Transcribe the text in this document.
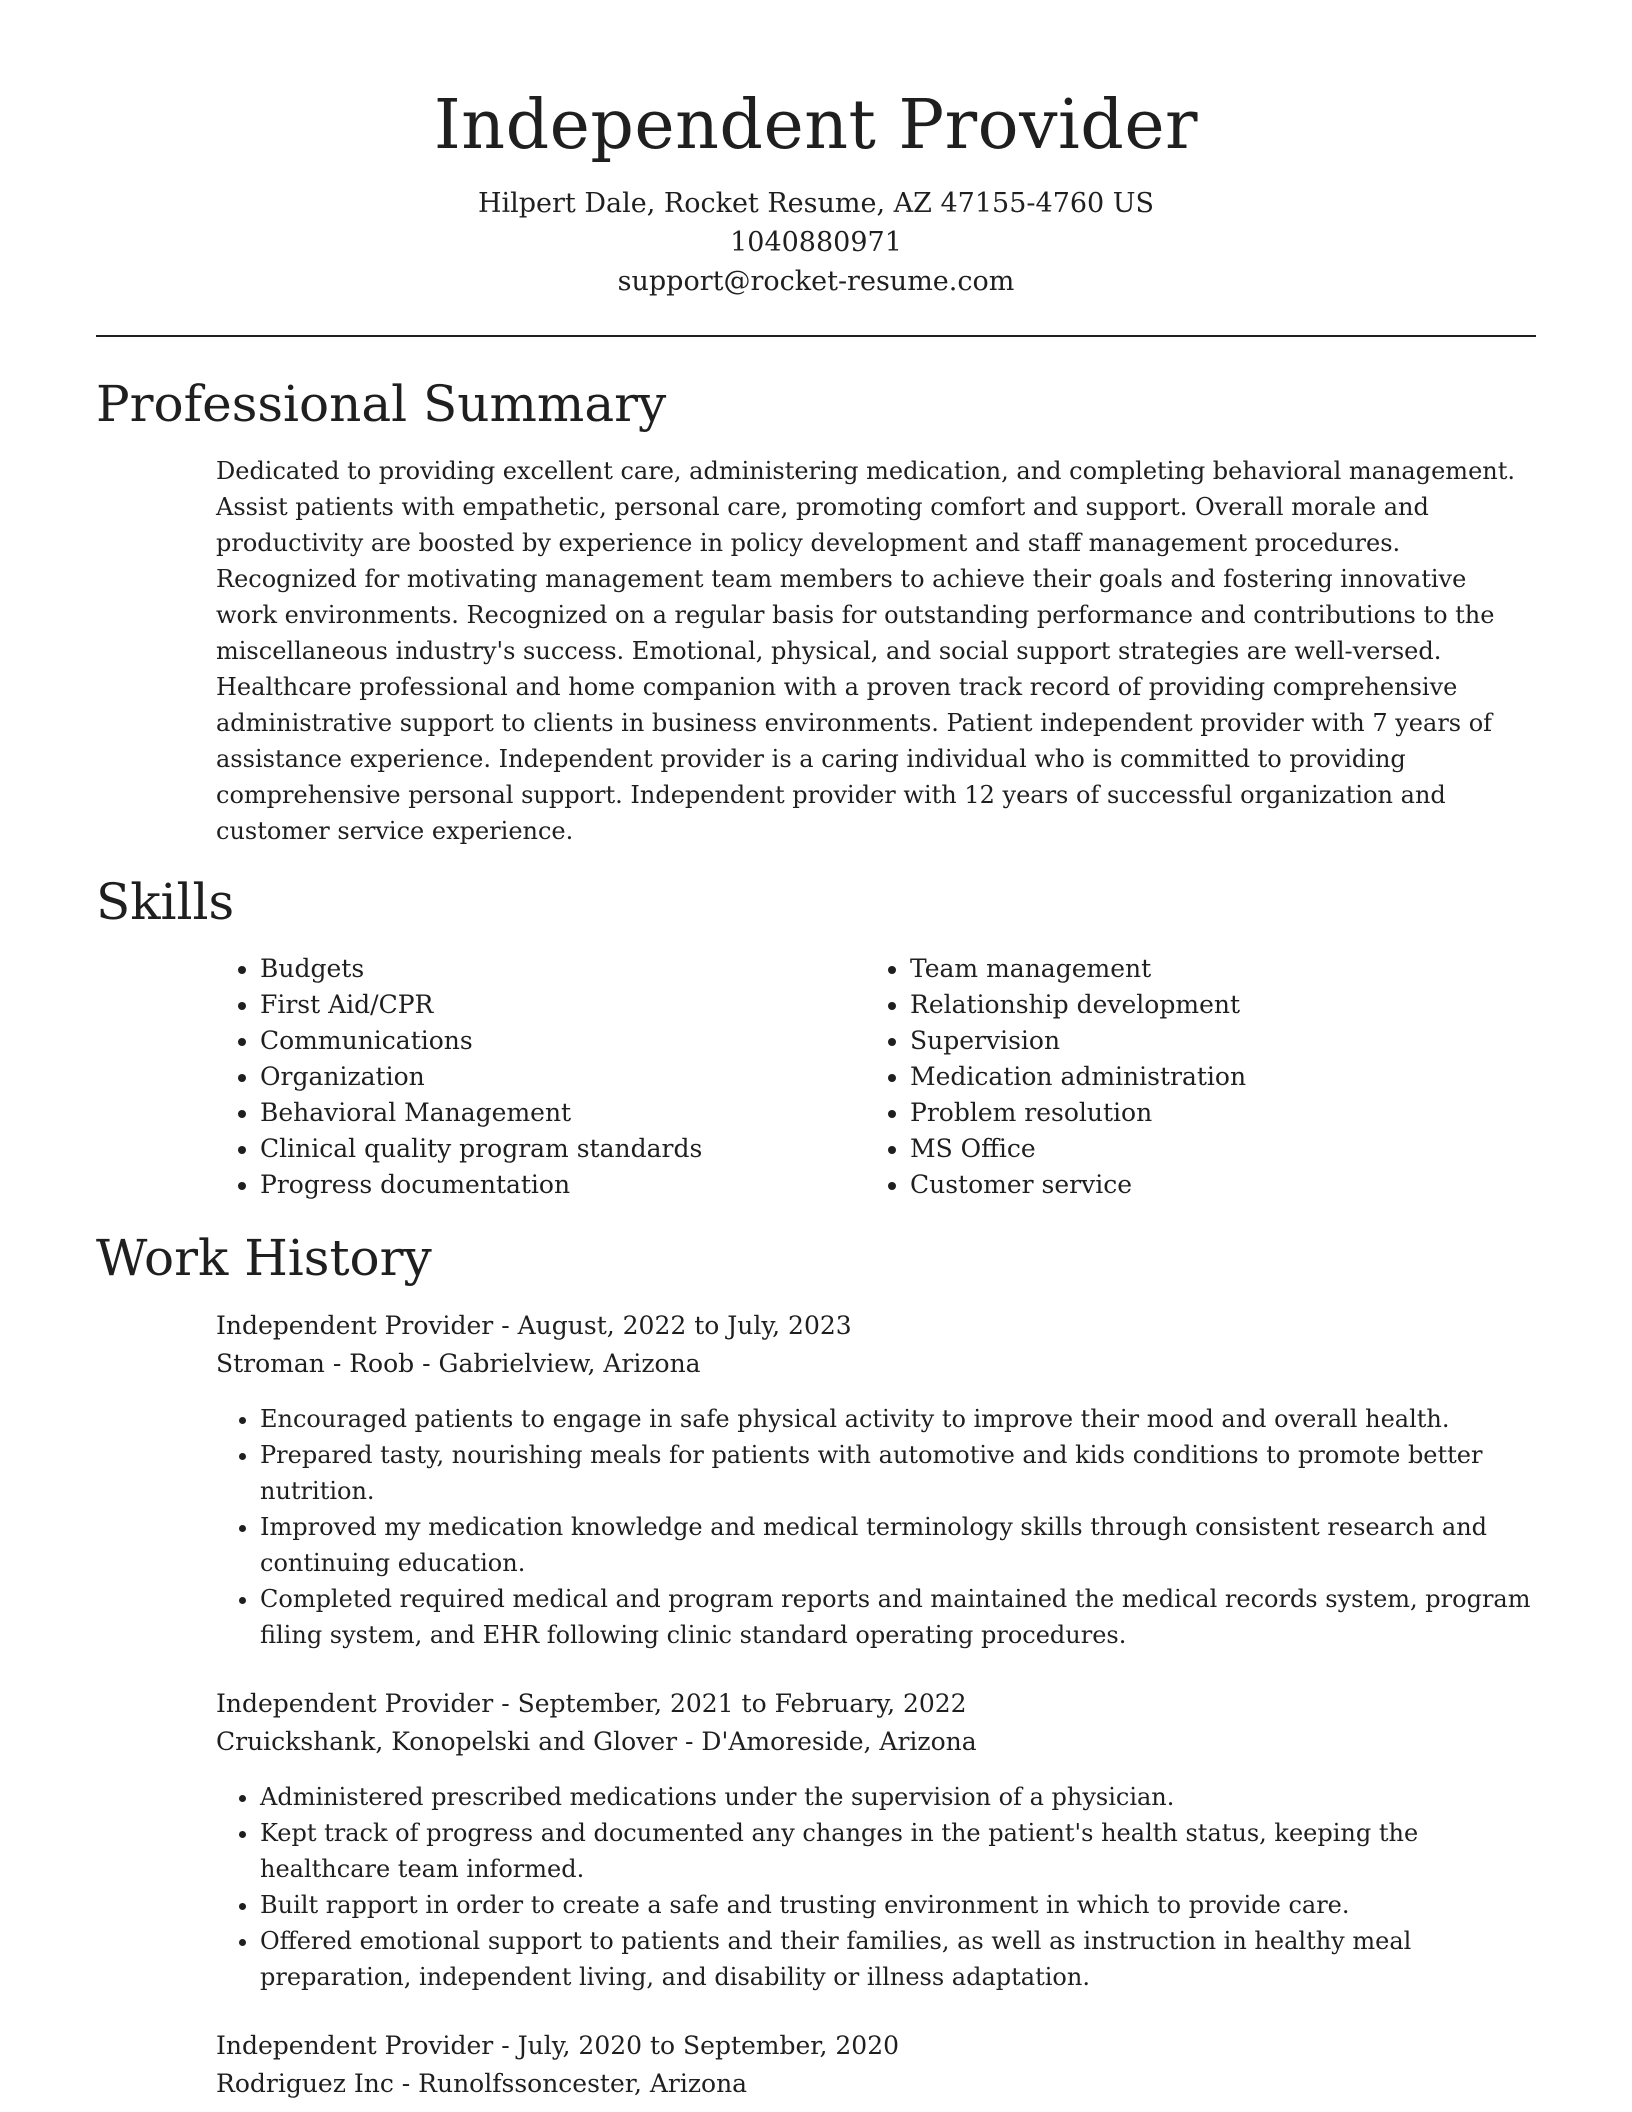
Independent Provider
Hilpert Dale, Rocket Resume, AZ 47155-4760 US
1040880971
support@rocket-resume.com
Professional Summary
Dedicated to providing excellent care, administering medication, and completing behavioral management. Assist patients with empathetic, personal care, promoting comfort and support. Overall morale and productivity are boosted by experience in policy development and staff management procedures. Recognized for motivating management team members to achieve their goals and fostering innovative work environments. Recognized on a regular basis for outstanding performance and contributions to the miscellaneous industry's success. Emotional, physical, and social support strategies are well-versed. Healthcare professional and home companion with a proven track record of providing comprehensive administrative support to clients in business environments. Patient independent provider with 7 years of assistance experience. Independent provider is a caring individual who is committed to providing comprehensive personal support. Independent provider with 12 years of successful organization and customer service experience.
Skills
• Budgets
• First Aid/CPR
• Communications
• Organization
• Behavioral Management
• Clinical quality program standards
• Progress documentation
• Team management
• Relationship development
• Supervision
• Medication administration
• Problem resolution
• MS Office
• Customer service
Work History
Independent Provider - August, 2022 to July, 2023
Stroman - Roob - Gabrielview, Arizona
• Encouraged patients to engage in safe physical activity to improve their mood and overall health.
• Prepared tasty, nourishing meals for patients with automotive and kids conditions to promote better nutrition.
• Improved my medication knowledge and medical terminology skills through consistent research and continuing education.
• Completed required medical and program reports and maintained the medical records system, program filing system, and EHR following clinic standard operating procedures.
Independent Provider - September, 2021 to February, 2022
Cruickshank, Konopelski and Glover - D'Amoreside, Arizona
• Administered prescribed medications under the supervision of a physician.
• Kept track of progress and documented any changes in the patient's health status, keeping the healthcare team informed.
• Built rapport in order to create a safe and trusting environment in which to provide care.
• Offered emotional support to patients and their families, as well as instruction in healthy meal preparation, independent living, and disability or illness adaptation.
Independent Provider - July, 2020 to September, 2020
Rodriguez Inc - Runolfssoncester, Arizona
